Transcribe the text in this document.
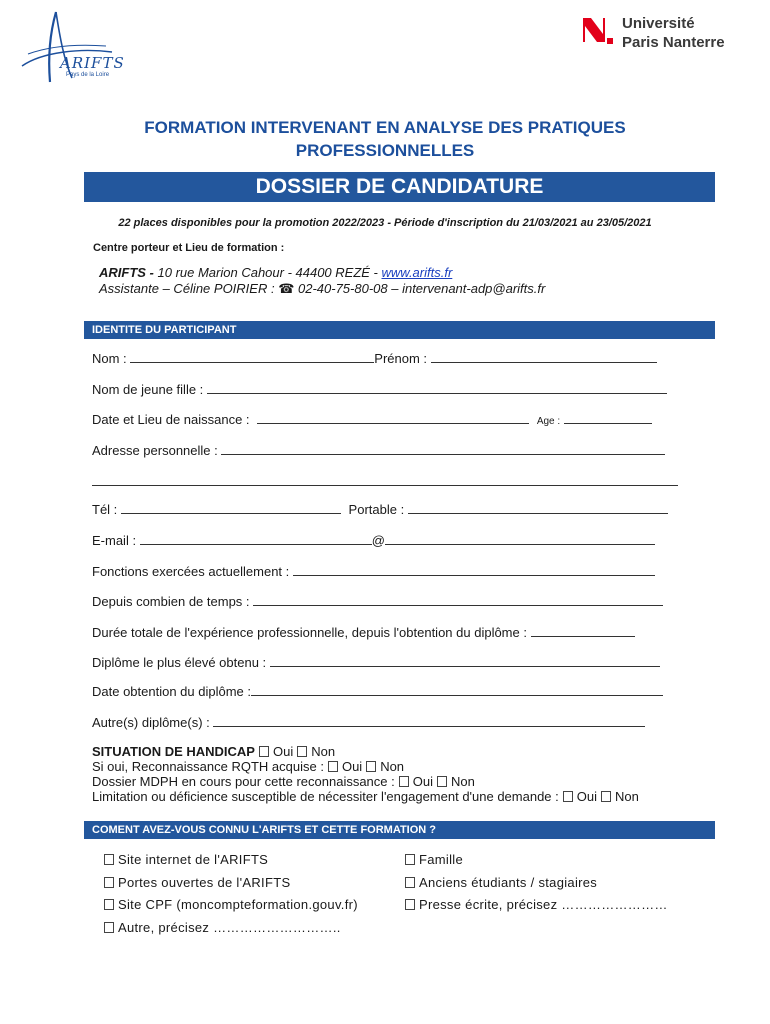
ARIFTS
Pays de la Loire
Université
Paris Nanterre
FORMATION INTERVENANT EN ANALYSE DES PRATIQUES
PROFESSIONNELLES
DOSSIER DE CANDIDATURE
22 places disponibles pour la promotion 2022/2023 - Période d'inscription du 21/03/2021 au 23/05/2021
Centre porteur et Lieu de formation :
ARIFTS - 10 rue Marion Cahour - 44400 REZÉ - www.arifts.fr
Assistante – Céline POIRIER : ☎ 02-40-75-80-08 – intervenant-adp@arifts.fr
IDENTITE DU PARTICIPANT
Nom :	Prénom :
Nom de jeune fille :
Date et Lieu de naissance :	Age :
Adresse personnelle :
Tél :	Portable :
E-mail :	@
Fonctions exercées actuellement :
Depuis combien de temps :
Durée totale de l'expérience professionnelle, depuis l'obtention du diplôme :
Diplôme le plus élevé obtenu :
Date obtention du diplôme :
Autre(s) diplôme(s) :
SITUATION DE HANDICAP Oui Non
Si oui, Reconnaissance RQTH acquise : Oui Non
Dossier MDPH en cours pour cette reconnaissance : Oui Non
Limitation ou déficience susceptible de nécessiter l'engagement d'une demande : Oui Non
COMENT AVEZ-VOUS CONNU L'ARIFTS ET CETTE FORMATION ?
Site internet de l'ARIFTS
Portes ouvertes de l'ARIFTS
Site CPF (moncompteformation.gouv.fr)
Autre, précisez ………………………..
Famille
Anciens étudiants / stagiaires
Presse écrite, précisez ……………………
